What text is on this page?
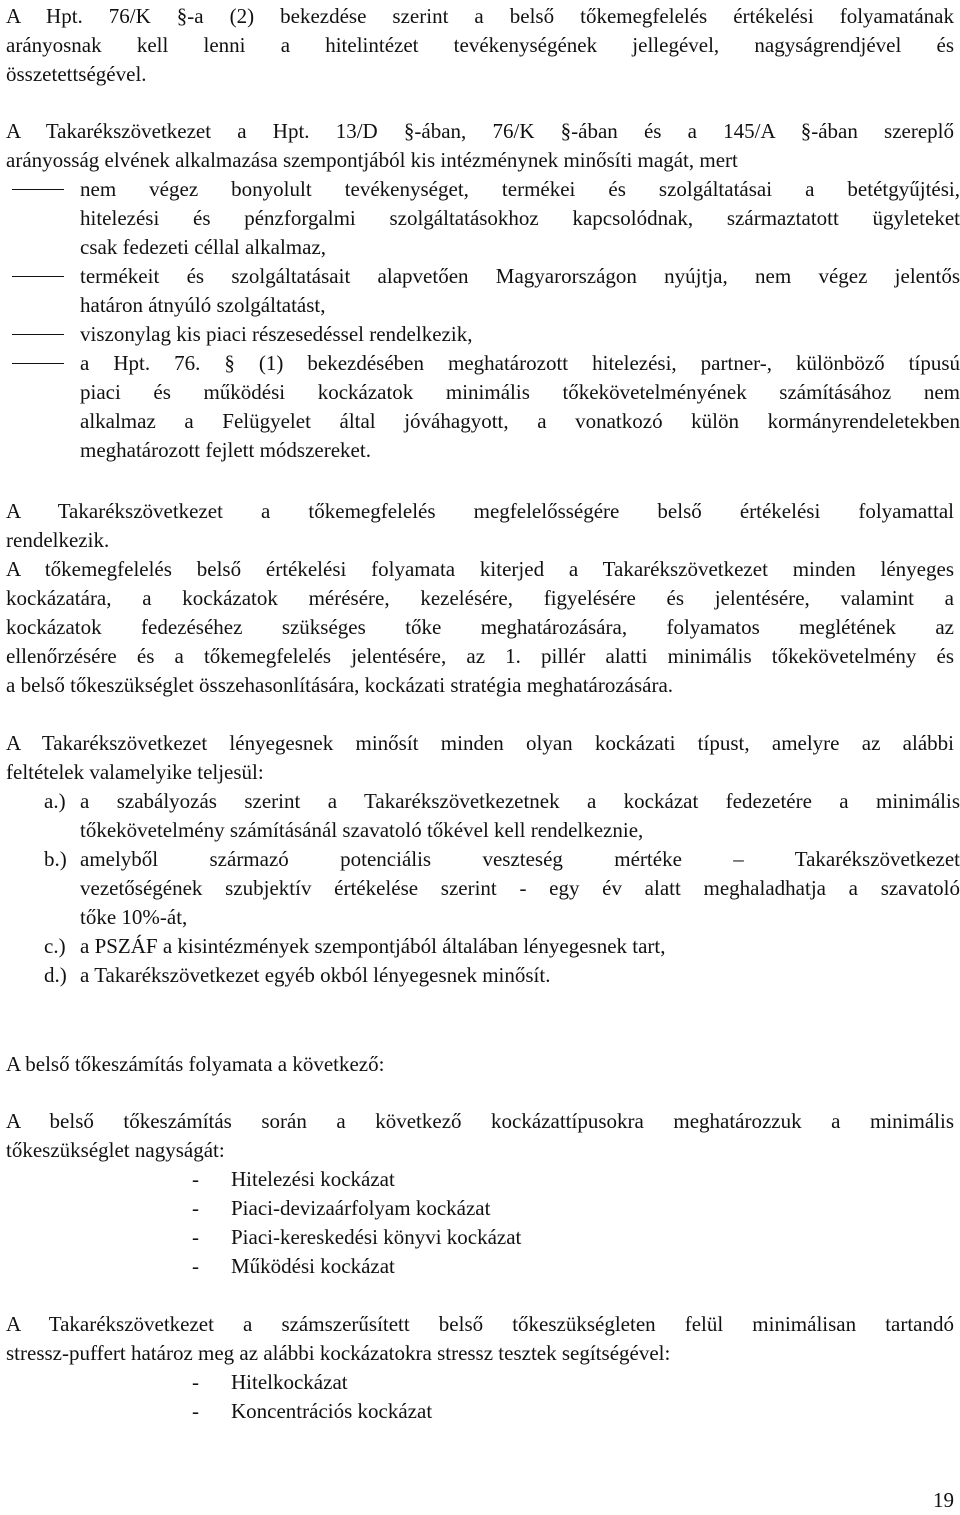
A Hpt. 76/K §-a (2) bekezdése szerint a belső tőkemegfelelés értékelési folyamatának
arányosnak kell lenni a hitelintézet tevékenységének jellegével, nagyságrendjével és
összetettségével.
A Takarékszövetkezet a Hpt. 13/D §-ában, 76/K §-ában és a 145/A §-ában szereplő
arányosság elvének alkalmazása szempontjából kis intézménynek minősíti magát, mert
nem végez bonyolult tevékenységet, termékei és szolgáltatásai a betétgyűjtési,
hitelezési és pénzforgalmi szolgáltatásokhoz kapcsolódnak, származtatott ügyleteket
csak fedezeti céllal alkalmaz,
termékeit és szolgáltatásait alapvetően Magyarországon nyújtja, nem végez jelentős
határon átnyúló szolgáltatást,
viszonylag kis piaci részesedéssel rendelkezik,
a Hpt. 76. § (1) bekezdésében meghatározott hitelezési, partner-, különböző típusú
piaci és működési kockázatok minimális tőkekövetelményének számításához nem
alkalmaz a Felügyelet által jóváhagyott, a vonatkozó külön kormányrendeletekben
meghatározott fejlett módszereket.
A Takarékszövetkezet a tőkemegfelelés megfelelősségére belső értékelési folyamattal
rendelkezik.
A tőkemegfelelés belső értékelési folyamata kiterjed a Takarékszövetkezet minden lényeges
kockázatára, a kockázatok mérésére, kezelésére, figyelésére és jelentésére, valamint a
kockázatok fedezéséhez szükséges tőke meghatározására, folyamatos meglétének az
ellenőrzésére és a tőkemegfelelés jelentésére, az 1. pillér alatti minimális tőkekövetelmény és
a belső tőkeszükséglet összehasonlítására, kockázati stratégia meghatározására.
A Takarékszövetkezet lényegesnek minősít minden olyan kockázati típust, amelyre az alábbi
feltételek valamelyike teljesül:
a.) a szabályozás szerint a Takarékszövetkezetnek a kockázat fedezetére a minimális
tőkekövetelmény számításánál szavatoló tőkével kell rendelkeznie,
b.) amelyből származó potenciális veszteség mértéke – Takarékszövetkezet
vezetőségének szubjektív értékelése szerint - egy év alatt meghaladhatja a szavatoló
tőke 10%-át,
c.) a PSZÁF a kisintézmények szempontjából általában lényegesnek tart,
d.) a Takarékszövetkezet egyéb okból lényegesnek minősít.
A belső tőkeszámítás folyamata a következő:
A belső tőkeszámítás során a következő kockázattípusokra meghatározzuk a minimális
tőkeszükséglet nagyságát:
- Hitelezési kockázat
- Piaci-devizaárfolyam kockázat
- Piaci-kereskedési könyvi kockázat
- Működési kockázat
A Takarékszövetkezet a számszerűsített belső tőkeszükségleten felül minimálisan tartandó
stressz-puffert határoz meg az alábbi kockázatokra stressz tesztek segítségével:
- Hitelkockázat
- Koncentrációs kockázat
19
